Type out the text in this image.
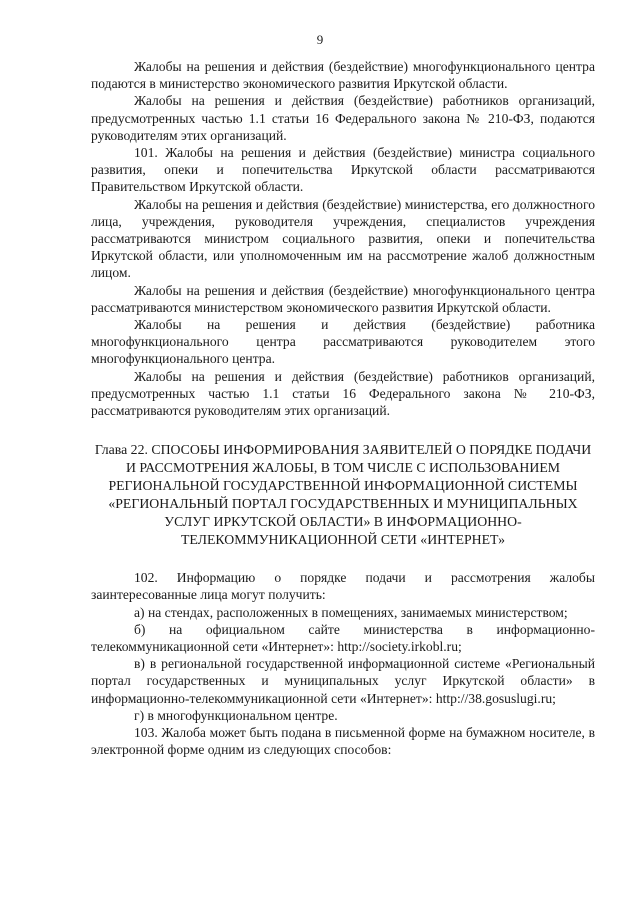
9

Жалобы на решения и действия (бездействие) многофункционального центра подаются в министерство экономического развития Иркутской области.

Жалобы на решения и действия (бездействие) работников организаций, предусмотренных частью 1.1 статьи 16 Федерального закона № 210-ФЗ, подаются руководителям этих организаций.

101. Жалобы на решения и действия (бездействие) министра социального развития, опеки и попечительства Иркутской области рассматриваются Правительством Иркутской области.

Жалобы на решения и действия (бездействие) министерства, его должностного лица, учреждения, руководителя учреждения, специалистов учреждения рассматриваются министром социального развития, опеки и попечительства Иркутской области, или уполномоченным им на рассмотрение жалоб должностным лицом.

Жалобы на решения и действия (бездействие) многофункционального центра рассматриваются министерством экономического развития Иркутской области.

Жалобы на решения и действия (бездействие) работника многофункционального центра рассматриваются руководителем этого многофункционального центра.

Жалобы на решения и действия (бездействие) работников организаций, предусмотренных частью 1.1 статьи 16 Федерального закона № 210-ФЗ, рассматриваются руководителям этих организаций.

Глава 22. СПОСОБЫ ИНФОРМИРОВАНИЯ ЗАЯВИТЕЛЕЙ О ПОРЯДКЕ ПОДАЧИ И РАССМОТРЕНИЯ ЖАЛОБЫ, В ТОМ ЧИСЛЕ С ИСПОЛЬЗОВАНИЕМ РЕГИОНАЛЬНОЙ ГОСУДАРСТВЕННОЙ ИНФОРМАЦИОННОЙ СИСТЕМЫ «РЕГИОНАЛЬНЫЙ ПОРТАЛ ГОСУДАРСТВЕННЫХ И МУНИЦИПАЛЬНЫХ УСЛУГ ИРКУТСКОЙ ОБЛАСТИ» В ИНФОРМАЦИОННО-ТЕЛЕКОММУНИКАЦИОННОЙ СЕТИ «ИНТЕРНЕТ»

102. Информацию о порядке подачи и рассмотрения жалобы заинтересованные лица могут получить:

а) на стендах, расположенных в помещениях, занимаемых министерством;

б) на официальном сайте министерства в информационно-телекоммуникационной сети «Интернет»: http://society.irkobl.ru;

в) в региональной государственной информационной системе «Региональный портал государственных и муниципальных услуг Иркутской области» в информационно-телекоммуникационной сети «Интернет»: http://38.gosuslugi.ru;

г) в многофункциональном центре.

103. Жалоба может быть подана в письменной форме на бумажном носителе, в электронной форме одним из следующих способов:
